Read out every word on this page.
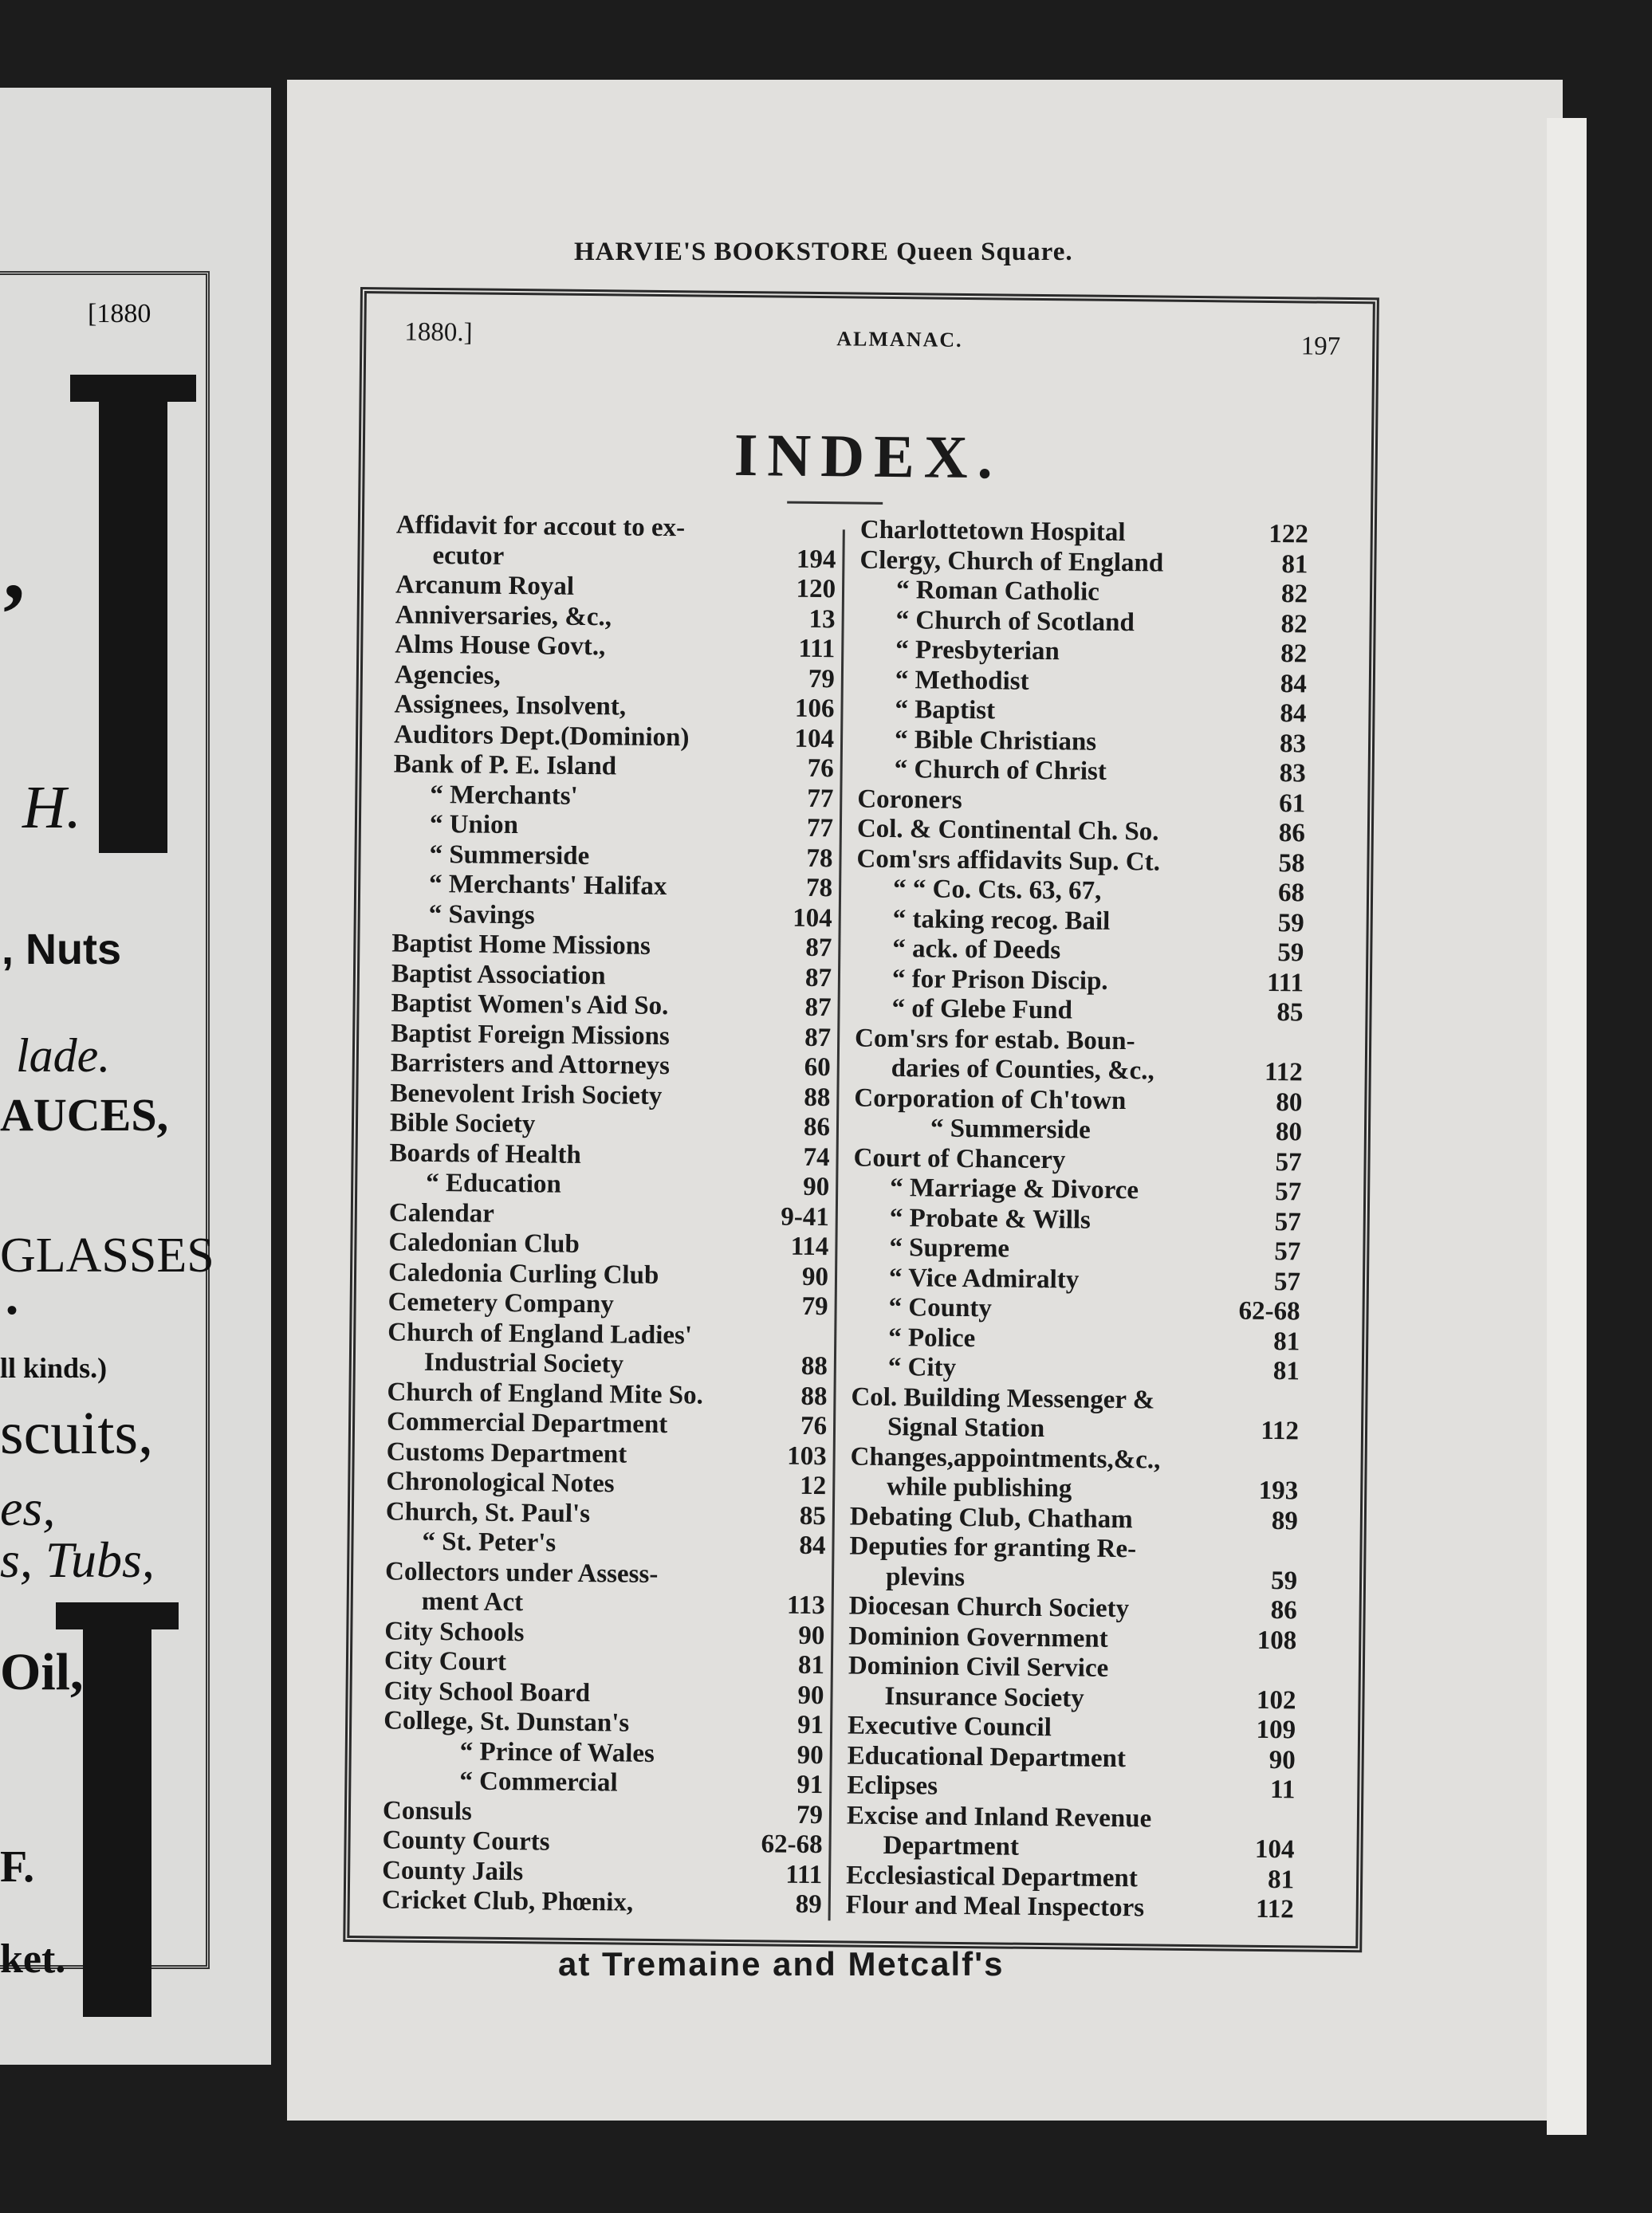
[1880
,
H.
, Nuts
lade.
AUCES,
GLASSES
•
ll kinds.)
scuits,
es,
s, Tubs,
Oil,
F.
ket.
HARVIE'S BOOKSTORE Queen Square.
1880.]	ALMANAC.	197
INDEX.
Affidavit for accout to ex-
ecutor	194
Arcanum Royal	120
Anniversaries, &c.,	13
Alms House Govt.,	111
Agencies,	79
Assignees, Insolvent,	106
Auditors Dept.(Dominion)	104
Bank of P. E. Island	76
“ Merchants'	77
“ Union	77
“ Summerside	78
“ Merchants' Halifax	78
“ Savings	104
Baptist Home Missions	87
Baptist Association	87
Baptist Women's Aid So.	87
Baptist Foreign Missions	87
Barristers and Attorneys	60
Benevolent Irish Society	88
Bible Society	86
Boards of Health	74
“ Education	90
Calendar	9-41
Caledonian Club	114
Caledonia Curling Club	90
Cemetery Company	79
Church of England Ladies'
Industrial Society	88
Church of England Mite So.	88
Commercial Department	76
Customs Department	103
Chronological Notes	12
Church, St. Paul's	85
“ St. Peter's	84
Collectors under Assess-
ment Act	113
City Schools	90
City Court	81
City School Board	90
College, St. Dunstan's	91
“ Prince of Wales	90
“ Commercial	91
Consuls	79
County Courts	62-68
County Jails	111
Cricket Club, Phœnix,	89
Charlottetown Hospital	122
Clergy, Church of England	81
“ Roman Catholic	82
“ Church of Scotland	82
“ Presbyterian	82
“ Methodist	84
“ Baptist	84
“ Bible Christians	83
“ Church of Christ	83
Coroners	61
Col. & Continental Ch. So.	86
Com'srs affidavits Sup. Ct.	58
“ “ Co. Cts. 63, 67,	68
“ taking recog. Bail	59
“ ack. of Deeds	59
“ for Prison Discip.	111
“ of Glebe Fund	85
Com'srs for estab. Boun-
daries of Counties, &c.,	112
Corporation of Ch'town	80
“ Summerside	80
Court of Chancery	57
“ Marriage & Divorce	57
“ Probate & Wills	57
“ Supreme	57
“ Vice Admiralty	57
“ County	62-68
“ Police	81
“ City	81
Col. Building Messenger &
Signal Station	112
Changes,appointments,&c.,
while publishing	193
Debating Club, Chatham	89
Deputies for granting Re-
plevins	59
Diocesan Church Society	86
Dominion Government	108
Dominion Civil Service
Insurance Society	102
Executive Council	109
Educational Department	90
Eclipses	11
Excise and Inland Revenue
Department	104
Ecclesiastical Department	81
Flour and Meal Inspectors	112
at Tremaine and Metcalf's
